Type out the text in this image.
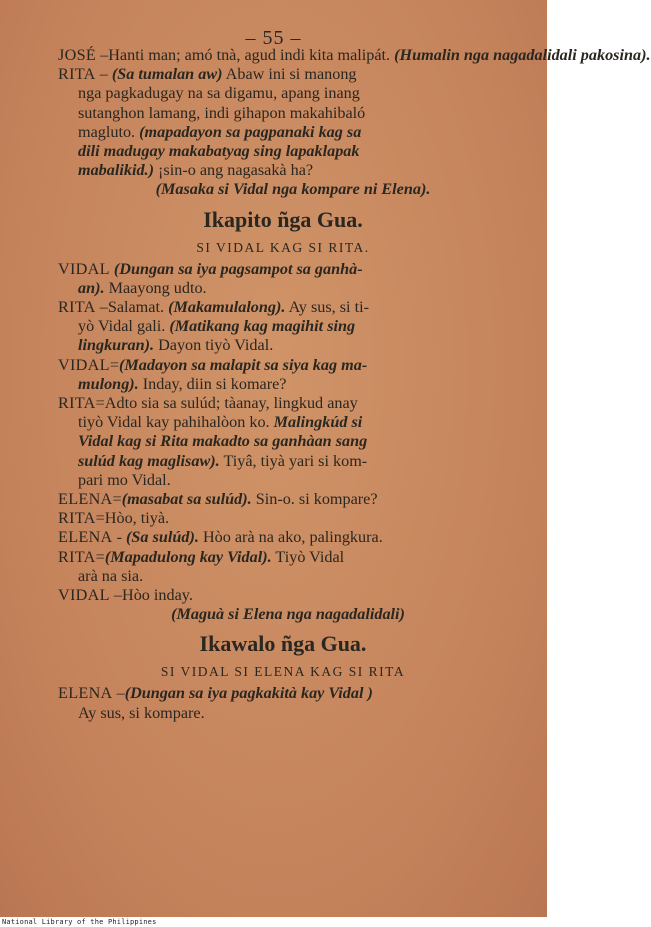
– 55 –
JOSÉ –Hanti man; amó tnà, agud indi kita malipát. (Humalin nga nagadalidali pakosina).
RITA – (Sa tumalan aw) Abaw ini si manong
nga pagkadugay na sa digamu, apang inang
sutanghon lamang, indi gihapon makahibaló
magluto. (mapadayon sa pagpanaki kag sa
dili madugay makabatyag sing lapaklapak
mabalikid.) ¡sin-o ang nagasakà ha?
(Masaka si Vidal nga kompare ni Elena).
Ikapito ñga Gua.
SI VIDAL KAG SI RITA.
VIDAL (Dungan sa iya pagsampot sa ganhà-
an). Maayong udto.
RITA –Salamat. (Makamulalong). Ay sus, si ti-
yò Vidal gali. (Matikang kag magihit sing
lingkuran). Dayon tiyò Vidal.
VIDAL=(Madayon sa malapit sa siya kag ma-
mulong). Inday, diin si komare?
RITA=Adto sia sa sulúd; tàanay, lingkud anay
tiyò Vidal kay pahihalòon ko. Malingkúd si
Vidal kag si Rita makadto sa ganhàan sang
sulúd kag maglisaw). Tiyâ, tiyà yari si kom-
pari mo Vidal.
ELENA=(masabat sa sulúd). Sin-o. si kompare?
RITA=Hòo, tiyà.
ELENA - (Sa sulúd). Hòo arà na ako, palingkura.
RITA=(Mapadulong kay Vidal). Tiyò Vidal
arà na sia.
VIDAL –Hòo inday.
(Maguà si Elena nga nagadalidali)
Ikawalo ñga Gua.
SI VIDAL SI ELENA KAG SI RITA
ELENA –(Dungan sa iya pagkakità kay Vidal )
Ay sus, si kompare.
National Library of the Philippines
